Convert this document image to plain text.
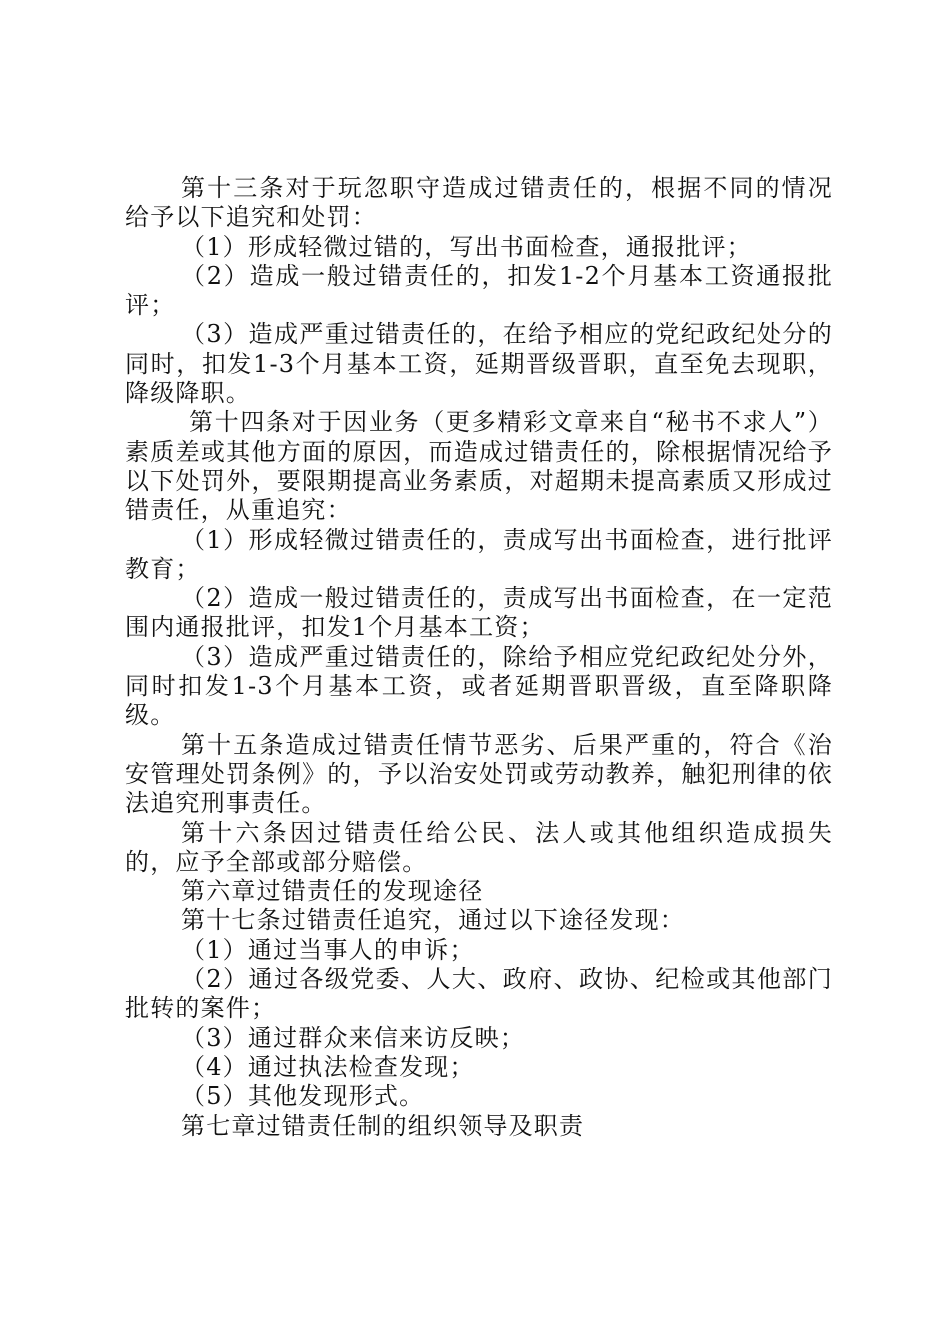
第十三条对于玩忽职守造成过错责任的，根据不同的情况给予以下追究和处罚：

（1）形成轻微过错的，写出书面检查，通报批评；

（2）造成一般过错责任的，扣发1-2个月基本工资通报批评；

（3）造成严重过错责任的，在给予相应的党纪政纪处分的同时，扣发1-3个月基本工资，延期晋级晋职，直至免去现职，降级降职。

第十四条对于因业务（更多精彩文章来自“秘书不求人”）素质差或其他方面的原因，而造成过错责任的，除根据情况给予以下处罚外，要限期提高业务素质，对超期未提高素质又形成过错责任，从重追究：

（1）形成轻微过错责任的，责成写出书面检查，进行批评教育；

（2）造成一般过错责任的，责成写出书面检查，在一定范围内通报批评，扣发1个月基本工资；

（3）造成严重过错责任的，除给予相应党纪政纪处分外，同时扣发1-3个月基本工资，或者延期晋职晋级，直至降职降级。

第十五条造成过错责任情节恶劣、后果严重的，符合《治安管理处罚条例》的，予以治安处罚或劳动教养，触犯刑律的依法追究刑事责任。

第十六条因过错责任给公民、法人或其他组织造成损失的，应予全部或部分赔偿。

第六章过错责任的发现途径

第十七条过错责任追究，通过以下途径发现：

（1）通过当事人的申诉；

（2）通过各级党委、人大、政府、政协、纪检或其他部门批转的案件；

（3）通过群众来信来访反映；

（4）通过执法检查发现；

（5）其他发现形式。

第七章过错责任制的组织领导及职责
